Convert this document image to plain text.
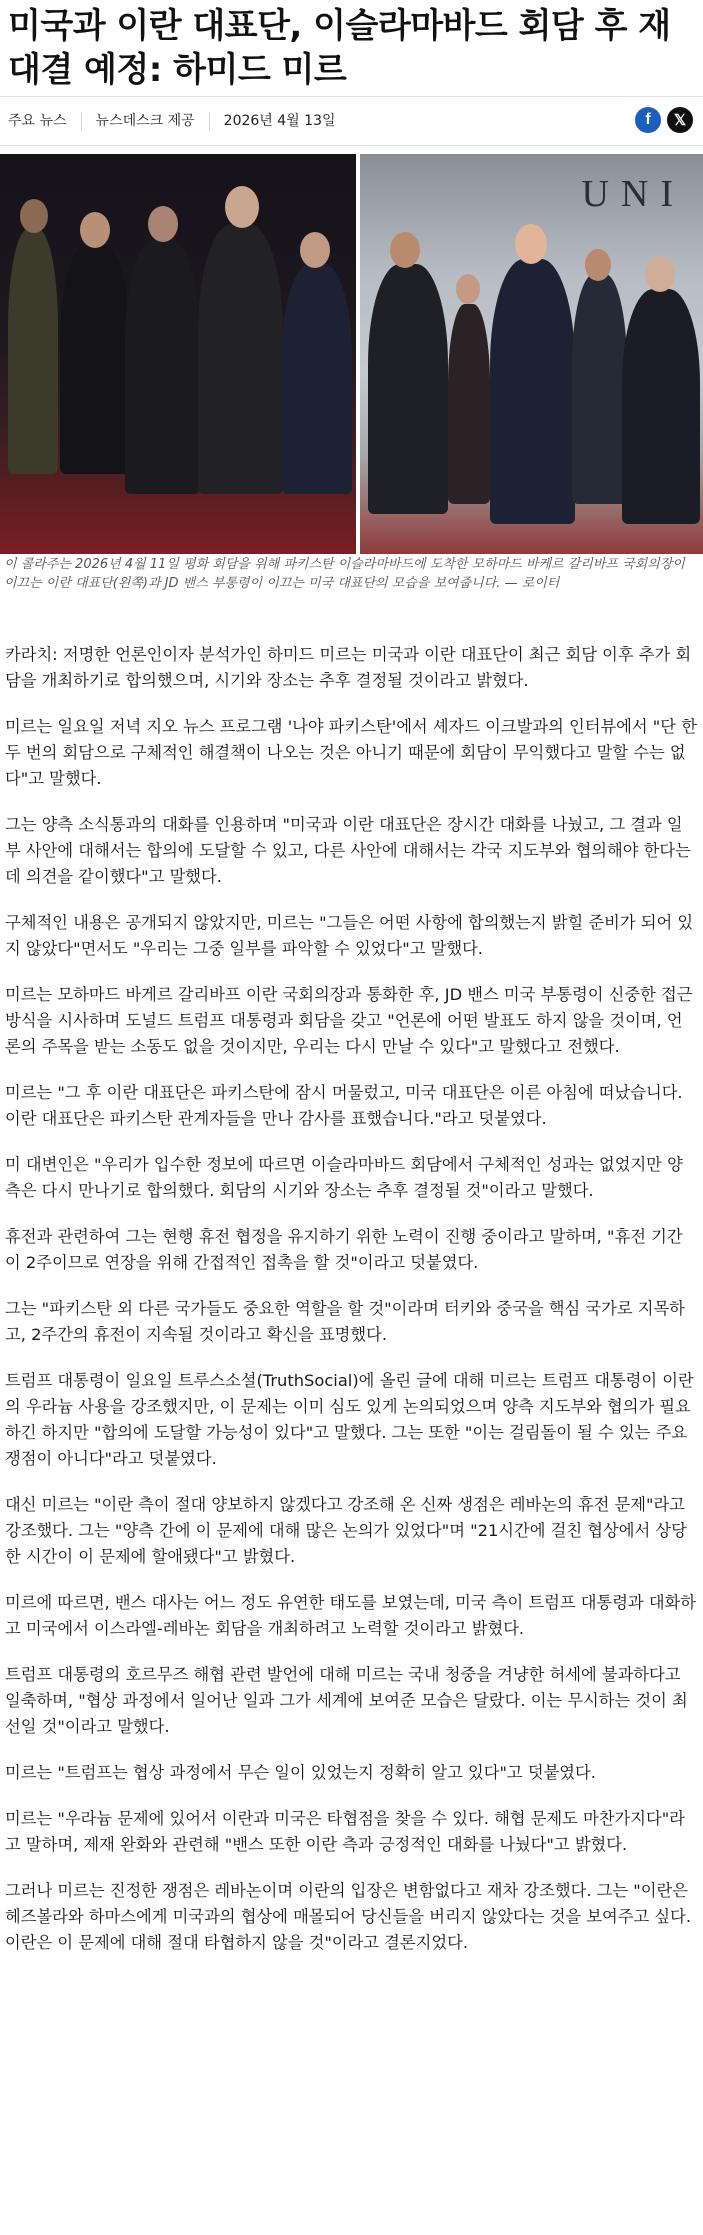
미국과 이란 대표단, 이슬라마바드 회담 후 재대결 예정: 하미드 미르
주요 뉴스	뉴스데스크 제공	2026년 4월 13일	f	𝕏
UNI
이 콜라주는 2026년 4월 11일 평화 회담을 위해 파키스탄 이슬라마바드에 도착한 모하마드 바케르 갈리바프 국회의장이 이끄는 이란 대표단(왼쪽)과 JD 밴스 부통령이 이끄는 미국 대표단의 모습을 보여줍니다. — 로이터

카라치: 저명한 언론인이자 분석가인 하미드 미르는 미국과 이란 대표단이 최근 회담 이후 추가 회담을 개최하기로 합의했으며, 시기와 장소는 추후 결정될 것이라고 밝혔다.

미르는 일요일 저녁 지오 뉴스 프로그램 '나야 파키스탄'에서 셰자드 이크발과의 인터뷰에서 "단 한두 번의 회담으로 구체적인 해결책이 나오는 것은 아니기 때문에 회담이 무익했다고 말할 수는 없다"고 말했다.

그는 양측 소식통과의 대화를 인용하며 "미국과 이란 대표단은 장시간 대화를 나눴고, 그 결과 일부 사안에 대해서는 합의에 도달할 수 있고, 다른 사안에 대해서는 각국 지도부와 협의해야 한다는 데 의견을 같이했다"고 말했다.

구체적인 내용은 공개되지 않았지만, 미르는 "그들은 어떤 사항에 합의했는지 밝힐 준비가 되어 있지 않았다"면서도 "우리는 그중 일부를 파악할 수 있었다"고 말했다.

미르는 모하마드 바게르 갈리바프 이란 국회의장과 통화한 후, JD 밴스 미국 부통령이 신중한 접근 방식을 시사하며 도널드 트럼프 대통령과 회담을 갖고 "언론에 어떤 발표도 하지 않을 것이며, 언론의 주목을 받는 소동도 없을 것이지만, 우리는 다시 만날 수 있다"고 말했다고 전했다.

미르는 "그 후 이란 대표단은 파키스탄에 잠시 머물렀고, 미국 대표단은 이른 아침에 떠났습니다. 이란 대표단은 파키스탄 관계자들을 만나 감사를 표했습니다."라고 덧붙였다.

미 대변인은 "우리가 입수한 정보에 따르면 이슬라마바드 회담에서 구체적인 성과는 없었지만 양측은 다시 만나기로 합의했다. 회담의 시기와 장소는 추후 결정될 것"이라고 말했다.

휴전과 관련하여 그는 현행 휴전 협정을 유지하기 위한 노력이 진행 중이라고 말하며, "휴전 기간이 2주이므로 연장을 위해 간접적인 접촉을 할 것"이라고 덧붙였다.

그는 "파키스탄 외 다른 국가들도 중요한 역할을 할 것"이라며 터키와 중국을 핵심 국가로 지목하고, 2주간의 휴전이 지속될 것이라고 확신을 표명했다.

트럼프 대통령이 일요일 트루스소셜(TruthSocial)에 올린 글에 대해 미르는 트럼프 대통령이 이란의 우라늄 사용을 강조했지만, 이 문제는 이미 심도 있게 논의되었으며 양측 지도부와 협의가 필요하긴 하지만 "합의에 도달할 가능성이 있다"고 말했다. 그는 또한 "이는 걸림돌이 될 수 있는 주요 쟁점이 아니다"라고 덧붙였다.

대신 미르는 "이란 측이 절대 양보하지 않겠다고 강조해 온 신짜 생점은 레바논의 휴전 문제"라고 강조했다. 그는 "양측 간에 이 문제에 대해 많은 논의가 있었다"며 "21시간에 걸친 협상에서 상당한 시간이 이 문제에 할애됐다"고 밝혔다.

미르에 따르면, 밴스 대사는 어느 정도 유연한 태도를 보였는데, 미국 측이 트럼프 대통령과 대화하고 미국에서 이스라엘-레바논 회담을 개최하려고 노력할 것이라고 밝혔다.

트럼프 대통령의 호르무즈 해협 관련 발언에 대해 미르는 국내 청중을 겨냥한 허세에 불과하다고 일축하며, "협상 과정에서 일어난 일과 그가 세계에 보여준 모습은 달랐다. 이는 무시하는 것이 최선일 것"이라고 말했다.

미르는 "트럼프는 협상 과정에서 무슨 일이 있었는지 정확히 알고 있다"고 덧붙였다.

미르는 "우라늄 문제에 있어서 이란과 미국은 타협점을 찾을 수 있다. 해협 문제도 마찬가지다"라고 말하며, 제재 완화와 관련해 "밴스 또한 이란 측과 긍정적인 대화를 나눴다"고 밝혔다.

그러나 미르는 진정한 쟁점은 레바논이며 이란의 입장은 변함없다고 재차 강조했다. 그는 "이란은 헤즈볼라와 하마스에게 미국과의 협상에 매몰되어 당신들을 버리지 않았다는 것을 보여주고 싶다. 이란은 이 문제에 대해 절대 타협하지 않을 것"이라고 결론지었다.
